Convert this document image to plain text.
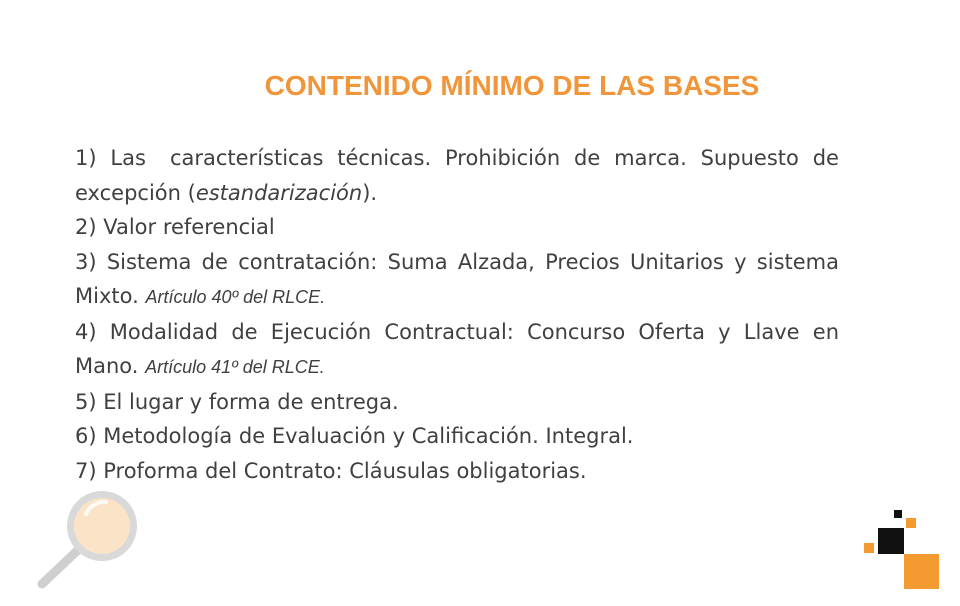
CONTENIDO MÍNIMO DE LAS BASES

1) Las características técnicas. Prohibición de marca. Supuesto de excepción (estandarización).

2) Valor referencial

3) Sistema de contratación: Suma Alzada, Precios Unitarios y sistema Mixto. Artículo 40º del RLCE.

4) Modalidad de Ejecución Contractual: Concurso Oferta y Llave en Mano. Artículo 41º del RLCE.

5) El lugar y forma de entrega.

6) Metodología de Evaluación y Calificación. Integral.

7) Proforma del Contrato: Cláusulas obligatorias.
